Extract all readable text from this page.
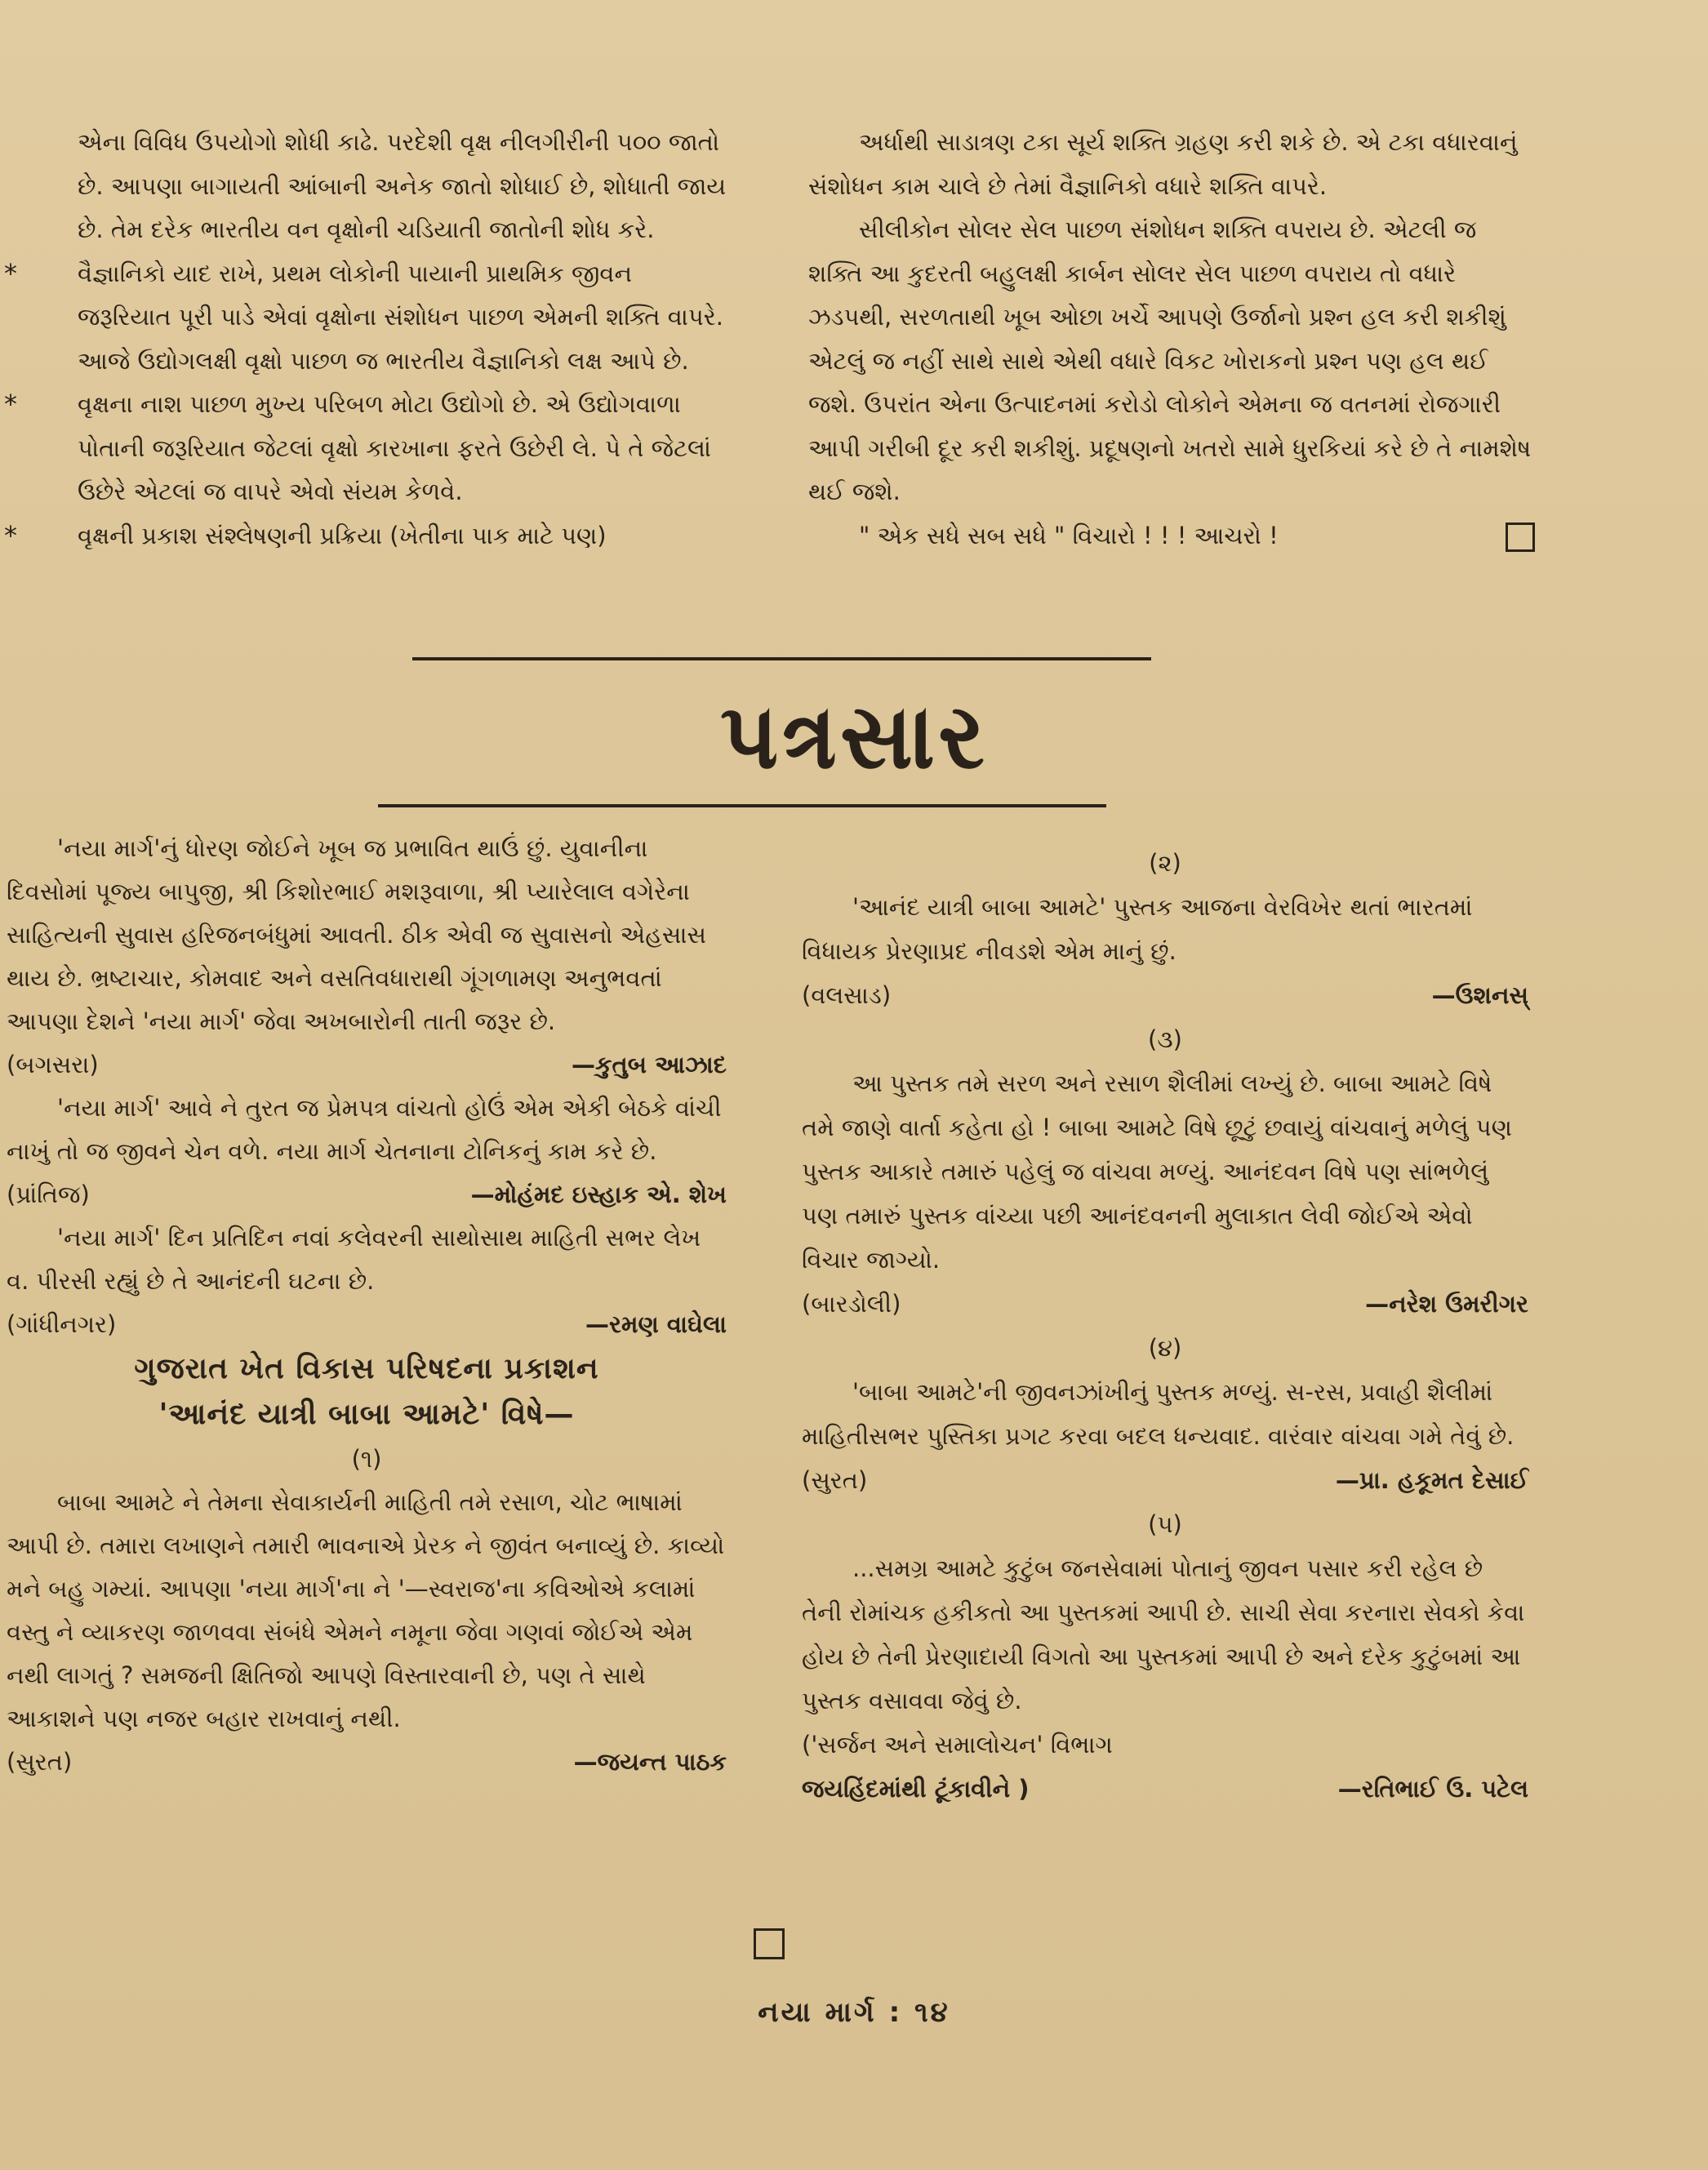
એના વિવિધ ઉપયોગો શોધી કાઢે. પરદેશી વૃક્ષ નીલગીરીની ૫૦૦ જાતો છે. આપણા બાગાયતી આંબાની અનેક જાતો શોધાઈ છે, શોધાતી જાય છે. તેમ દરેક ભારતીય વન વૃક્ષોની ચડિયાતી જાતોની શોધ કરે.

*	વૈજ્ઞાનિકો યાદ રાખે, પ્રથમ લોકોની પાયાની પ્રાથમિક જીવન જરૂરિયાત પૂરી પાડે એવાં વૃક્ષોના સંશોધન પાછળ એમની શક્તિ વાપરે. આજે ઉદ્યોગલક્ષી વૃક્ષો પાછળ જ ભારતીય વૈજ્ઞાનિકો લક્ષ આપે છે.

*	વૃક્ષના નાશ પાછળ મુખ્ય પરિબળ મોટા ઉદ્યોગો છે. એ ઉદ્યોગવાળા પોતાની જરૂરિયાત જેટલાં વૃક્ષો કારખાના ફરતે ઉછેરી લે. પે તે જેટલાં ઉછેરે એટલાં જ વાપરે એવો સંયમ કેળવે.

*	વૃક્ષની પ્રકાશ સંશ્લેષણની પ્રક્રિયા (ખેતીના પાક માટે પણ)

અર્ધાથી સાડાત્રણ ટકા સૂર્ય શક્તિ ગ્રહણ કરી શકે છે. એ ટકા વધારવાનું સંશોધન કામ ચાલે છે તેમાં વૈજ્ઞાનિકો વધારે શક્તિ વાપરે.

સીલીકોન સોલર સેલ પાછળ સંશોધન શક્તિ વપરાય છે. એટલી જ શક્તિ આ કુદરતી બહુલક્ષી કાર્બન સોલર સેલ પાછળ વપરાય તો વધારે ઝડપથી, સરળતાથી ખૂબ ઓછા ખર્ચે આપણે ઉર્જાનો પ્રશ્ન હલ કરી શકીશું એટલું જ નહીં સાથે સાથે એથી વધારે વિકટ ખોરાકનો પ્રશ્ન પણ હલ થઈ જશે. ઉપરાંત એના ઉત્પાદનમાં કરોડો લોકોને એમના જ વતનમાં રોજગારી આપી ગરીબી દૂર કરી શકીશું. પ્રદૂષણનો ખતરો સામે ધુરકિયાં કરે છે તે નામશેષ થઈ જશે.

" એક સધે સબ સધે " વિચારો ! ! ! આચરો !

પત્રસાર

'નયા માર્ગ'નું ધોરણ જોઈને ખૂબ જ પ્રભાવિત થાઉં છું. યુવાનીના દિવસોમાં પૂજ્ય બાપુજી, શ્રી કિશોરભાઈ મશરૂવાળા, શ્રી પ્યારેલાલ વગેરેના સાહિત્યની સુવાસ હરિજનબંધુમાં આવતી. ઠીક એવી જ સુવાસનો એહસાસ થાય છે. ભ્રષ્ટાચાર, કોમવાદ અને વસતિવધારાથી ગૂંગળામણ અનુભવતાં આપણા દેશને 'નયા માર્ગ' જેવા અખબારોની તાતી જરૂર છે.

(બગસરા)	—કુતુબ આઝાદ

'નયા માર્ગ' આવે ને તુરત જ પ્રેમપત્ર વાંચતો હોઉં એમ એકી બેઠકે વાંચી નાખું તો જ જીવને ચેન વળે. નયા માર્ગ ચેતનાના ટોનિકનું કામ કરે છે.

(પ્રાંતિજ)	—મોહંમદ ઇસ્હાક એ. શેખ

'નયા માર્ગ' દિન પ્રતિદિન નવાં કલેવરની સાથોસાથ માહિતી સભર લેખ વ. પીરસી રહ્યું છે તે આનંદની ઘટના છે.

(ગાંધીનગર)	—રમણ વાઘેલા
ગુજરાત ખેત વિકાસ પરિષદના પ્રકાશન
'આનંદ યાત્રી બાબા આમટે' વિષે—
(૧)

બાબા આમટે ને તેમના સેવાકાર્યની માહિતી તમે રસાળ, ચોટ ભાષામાં આપી છે. તમારા લખાણને તમારી ભાવનાએ પ્રેરક ને જીવંત બનાવ્યું છે. કાવ્યો મને બહુ ગમ્યાં. આપણા 'નયા માર્ગ'ના ને '—સ્વરાજ'ના કવિઓએ કલામાં વસ્તુ ને વ્યાકરણ જાળવવા સંબંધે એમને નમૂના જેવા ગણવાં જોઈએ એમ નથી લાગતું ? સમજની ક્ષિતિજો આપણે વિસ્તારવાની છે, પણ તે સાથે આકાશને પણ નજર બહાર રાખવાનું નથી.

(સુરત)	—જયન્ત પાઠક
(૨)

'આનંદ યાત્રી બાબા આમટે' પુસ્તક આજના વેરવિખેર થતાં ભારતમાં વિધાયક પ્રેરણાપ્રદ નીવડશે એમ માનું છું.

(વલસાડ)	—ઉશનસ્
(૩)

આ પુસ્તક તમે સરળ અને રસાળ શૈલીમાં લખ્યું છે. બાબા આમટે વિષે તમે જાણે વાર્તા કહેતા હો ! બાબા આમટે વિષે છૂટું છવાયું વાંચવાનું મળેલું પણ પુસ્તક આકારે તમારું પહેલું જ વાંચવા મળ્યું. આનંદવન વિષે પણ સાંભળેલું પણ તમારું પુસ્તક વાંચ્યા પછી આનંદવનની મુલાકાત લેવી જોઈએ એવો વિચાર જાગ્યો.

(બારડોલી)	—નરેશ ઉમરીગર
(૪)

'બાબા આમટે'ની જીવનઝાંખીનું પુસ્તક મળ્યું. સ-રસ, પ્રવાહી શૈલીમાં માહિતીસભર પુસ્તિકા પ્રગટ કરવા બદલ ધન્યવાદ. વારંવાર વાંચવા ગમે તેવું છે.

(સુરત)	—પ્રા. હકૂમત દેસાઈ
(૫)

...સમગ્ર આમટે કુટુંબ જનસેવામાં પોતાનું જીવન પસાર કરી રહેલ છે તેની રોમાંચક હકીકતો આ પુસ્તકમાં આપી છે. સાચી સેવા કરનારા સેવકો કેવા હોય છે તેની પ્રેરણાદાયી વિગતો આ પુસ્તકમાં આપી છે અને દરેક કુટુંબમાં આ પુસ્તક વસાવવા જેવું છે.

('સર્જન અને સમાલોચન' વિભાગ

જયહિંદમાંથી ટૂંકાવીને )	—રતિભાઈ ઉ. પટેલ
નયા માર્ગ : ૧૪
